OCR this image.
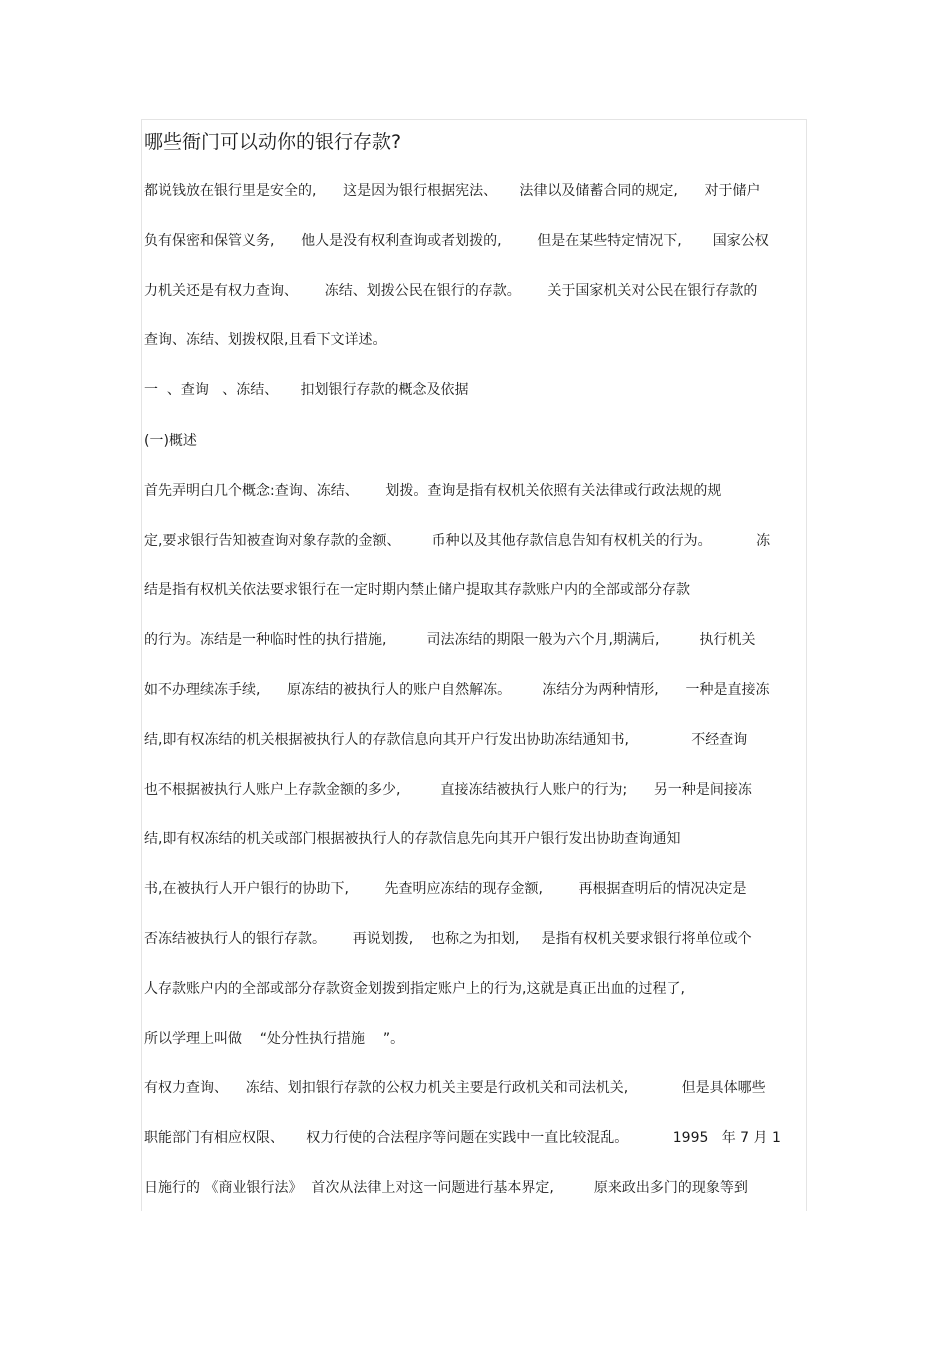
哪些衙门可以动你的银行存款?
都说钱放在银行里是安全的,      这是因为银行根据宪法、     法律以及储蓄合同的规定,      对于储户
负有保密和保管义务,      他人是没有权利查询或者划拨的,        但是在某些特定情况下,       国家公权
力机关还是有权力查询、      冻结、划拨公民在银行的存款。      关于国家机关对公民在银行存款的
查询、冻结、划拨权限,且看下文详述。
一  、查询   、冻结、     扣划银行存款的概念及依据
(一)概述
首先弄明白几个概念:查询、冻结、      划拨。查询是指有权机关依照有关法律或行政法规的规
定,要求银行告知被查询对象存款的金额、       币种以及其他存款信息告知有权机关的行为。          冻
结是指有权机关依法要求银行在一定时期内禁止储户提取其存款账户内的全部或部分存款
的行为。冻结是一种临时性的执行措施,         司法冻结的期限一般为六个月,期满后,         执行机关
如不办理续冻手续,      原冻结的被执行人的账户自然解冻。       冻结分为两种情形,      一种是直接冻
结,即有权冻结的机关根据被执行人的存款信息向其开户行发出协助冻结通知书,              不经查询
也不根据被执行人账户上存款金额的多少,         直接冻结被执行人账户的行为;      另一种是间接冻
结,即有权冻结的机关或部门根据被执行人的存款信息先向其开户银行发出协助查询通知
书,在被执行人开户银行的协助下,        先查明应冻结的现存金额,        再根据查明后的情况决定是
否冻结被执行人的银行存款。      再说划拨,    也称之为扣划,     是指有权机关要求银行将单位或个
人存款账户内的全部或部分存款资金划拨到指定账户上的行为,这就是真正出血的过程了,
所以学理上叫做    “处分性执行措施    ”。
有权力查询、    冻结、划扣银行存款的公权力机关主要是行政机关和司法机关,            但是具体哪些
职能部门有相应权限、     权力行使的合法程序等问题在实践中一直比较混乱。          1995   年 7 月 1
日施行的 《商业银行法》  首次从法律上对这一问题进行基本界定,         原来政出多门的现象等到
